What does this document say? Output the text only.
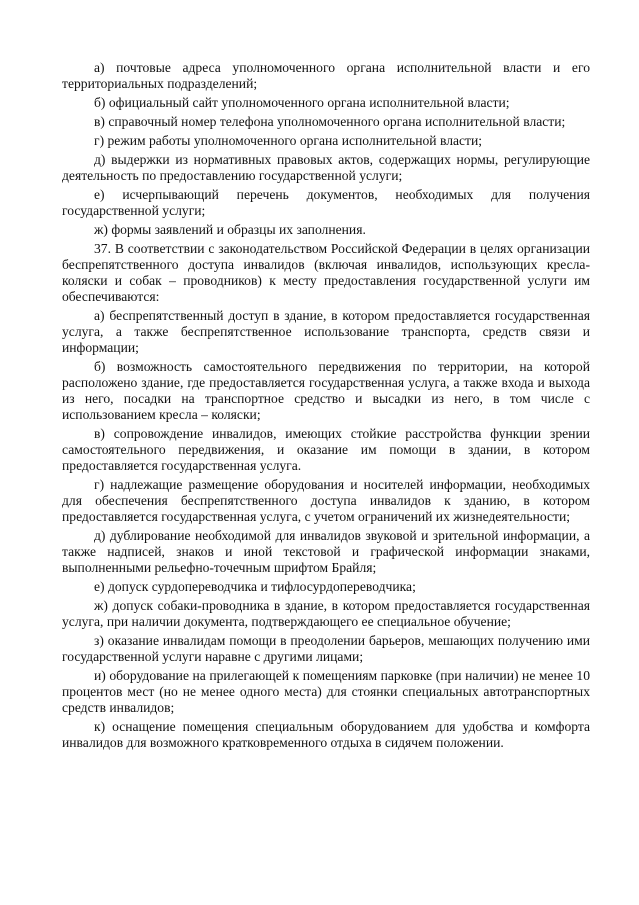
а) почтовые адреса уполномоченного органа исполнительной власти и его территориальных подразделений;

б) официальный сайт уполномоченного органа исполнительной власти;

в) справочный номер телефона уполномоченного органа исполнительной власти;

г) режим работы уполномоченного органа исполнительной власти;

д) выдержки из нормативных правовых актов, содержащих нормы, регулирующие деятельность по предоставлению государственной услуги;

е) исчерпывающий перечень документов, необходимых для получения государственной услуги;

ж) формы заявлений и образцы их заполнения.

37. В соответствии с законодательством Российской Федерации в целях организации беспрепятственного доступа инвалидов (включая инвалидов, использующих кресла-коляски и собак – проводников) к месту предоставления государственной услуги им обеспечиваются:

а) беспрепятственный доступ в здание, в котором предоставляется государственная услуга, а также беспрепятственное использование транспорта, средств связи и информации;

б) возможность самостоятельного передвижения по территории, на которой расположено здание, где предоставляется государственная услуга, а также входа и выхода из него, посадки на транспортное средство и высадки из него, в том числе с использованием кресла – коляски;

в) сопровождение инвалидов, имеющих стойкие расстройства функции зрении самостоятельного передвижения, и оказание им помощи в здании, в котором предоставляется государственная услуга.

г) надлежащие размещение оборудования и носителей информации, необходимых для обеспечения беспрепятственного доступа инвалидов к зданию, в котором предоставляется государственная услуга, с учетом ограничений их жизнедеятельности;

д) дублирование необходимой для инвалидов звуковой и зрительной информации, а также надписей, знаков и иной текстовой и графической информации знаками, выполненными рельефно-точечным шрифтом Брайля;

е) допуск сурдопереводчика и тифлосурдопереводчика;

ж) допуск собаки-проводника в здание, в котором предоставляется государственная услуга, при наличии документа, подтверждающего ее специальное обучение;

з) оказание инвалидам помощи в преодолении барьеров, мешающих получению ими государственной услуги наравне с другими лицами;

и) оборудование на прилегающей к помещениям парковке (при наличии) не менее 10 процентов мест (но не менее одного места) для стоянки специальных автотранспортных средств инвалидов;

к) оснащение помещения специальным оборудованием для удобства и комфорта инвалидов для возможного кратковременного отдыха в сидячем положении.
